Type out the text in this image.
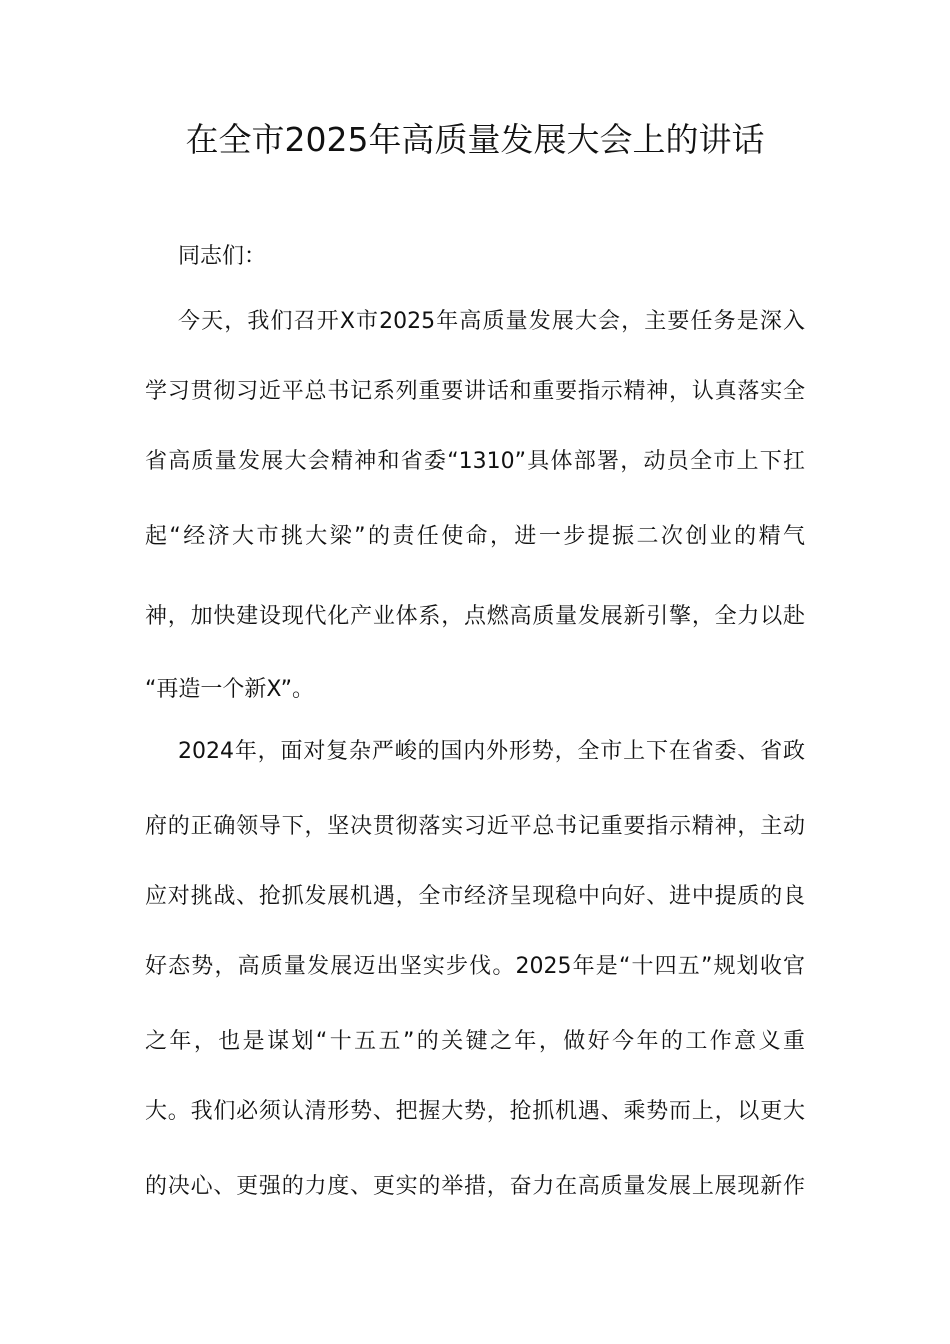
在全市2025年高质量发展大会上的讲话
同志们：
今天，我们召开X市2025年高质量发展大会，主要任务是深入
学习贯彻习近平总书记系列重要讲话和重要指示精神，认真落实全
省高质量发展大会精神和省委“1310”具体部署，动员全市上下扛
起“经济大市挑大梁”的责任使命，进一步提振二次创业的精气
神，加快建设现代化产业体系，点燃高质量发展新引擎，全力以赴
“再造一个新X”。
2024年，面对复杂严峻的国内外形势，全市上下在省委、省政
府的正确领导下，坚决贯彻落实习近平总书记重要指示精神，主动
应对挑战、抢抓发展机遇，全市经济呈现稳中向好、进中提质的良
好态势，高质量发展迈出坚实步伐。2025年是“十四五”规划收官
之年，也是谋划“十五五”的关键之年，做好今年的工作意义重
大。我们必须认清形势、把握大势，抢抓机遇、乘势而上，以更大
的决心、更强的力度、更实的举措，奋力在高质量发展上展现新作
